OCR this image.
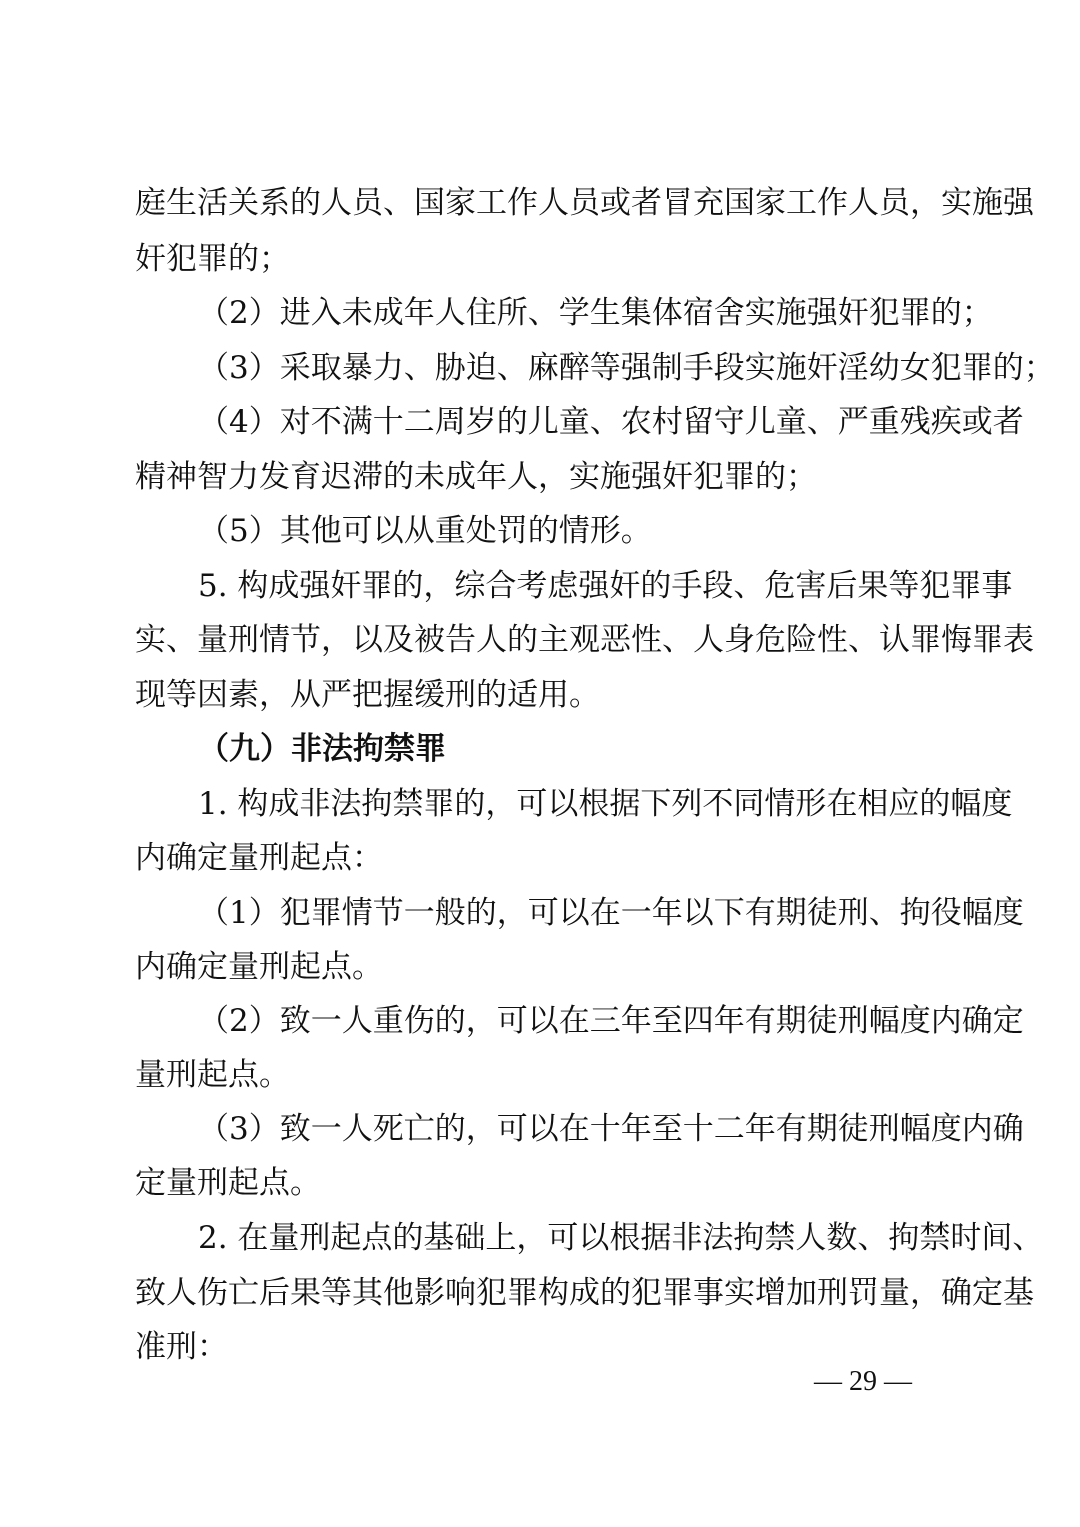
庭生活关系的人员、国家工作人员或者冒充国家工作人员，实施强
奸犯罪的；
（2）进入未成年人住所、学生集体宿舍实施强奸犯罪的；
（3）采取暴力、胁迫、麻醉等强制手段实施奸淫幼女犯罪的；
（4）对不满十二周岁的儿童、农村留守儿童、严重残疾或者
精神智力发育迟滞的未成年人，实施强奸犯罪的；
（5）其他可以从重处罚的情形。
5. 构成强奸罪的，综合考虑强奸的手段、危害后果等犯罪事
实、量刑情节，以及被告人的主观恶性、人身危险性、认罪悔罪表
现等因素，从严把握缓刑的适用。
（九）非法拘禁罪
1. 构成非法拘禁罪的，可以根据下列不同情形在相应的幅度
内确定量刑起点：
（1）犯罪情节一般的，可以在一年以下有期徒刑、拘役幅度
内确定量刑起点。
（2）致一人重伤的，可以在三年至四年有期徒刑幅度内确定
量刑起点。
（3）致一人死亡的，可以在十年至十二年有期徒刑幅度内确
定量刑起点。
2. 在量刑起点的基础上，可以根据非法拘禁人数、拘禁时间、
致人伤亡后果等其他影响犯罪构成的犯罪事实增加刑罚量，确定基
准刑：
— 29 —
